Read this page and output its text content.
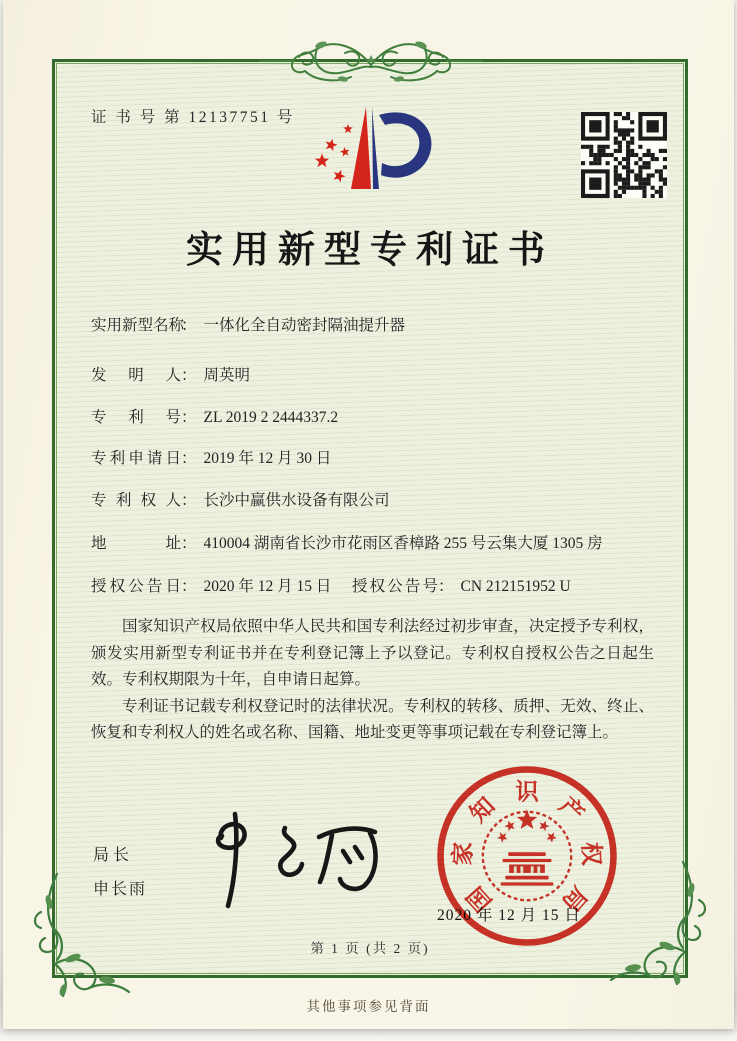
证 书 号 第 12137751 号
实用新型专利证书
实用新型名称： 一体化全自动密封隔油提升器
发明人： 周英明
专利号： ZL 2019 2 2444337.2
专利申请日： 2019 年 12 月 30 日
专利权人： 长沙中赢供水设备有限公司
地址： 410004 湖南省长沙市花雨区香樟路 255 号云集大厦 1305 房
授权公告日： 2020 年 12 月 15 日 授权公告号： CN 212151952 U

国家知识产权局依照中华人民共和国专利法经过初步审查，决定授予专利权，颁发实用新型专利证书并在专利登记簿上予以登记。专利权自授权公告之日起生效。专利权期限为十年，自申请日起算。

专利证书记载专利权登记时的法律状况。专利权的转移、质押、无效、终止、恢复和专利权人的姓名或名称、国籍、地址变更等事项记载在专利登记簿上。

局长
申长雨
2020 年 12 月 15 日
国
家
知
识
产
权
局
第 1 页 (共 2 页)
其他事项参见背面
